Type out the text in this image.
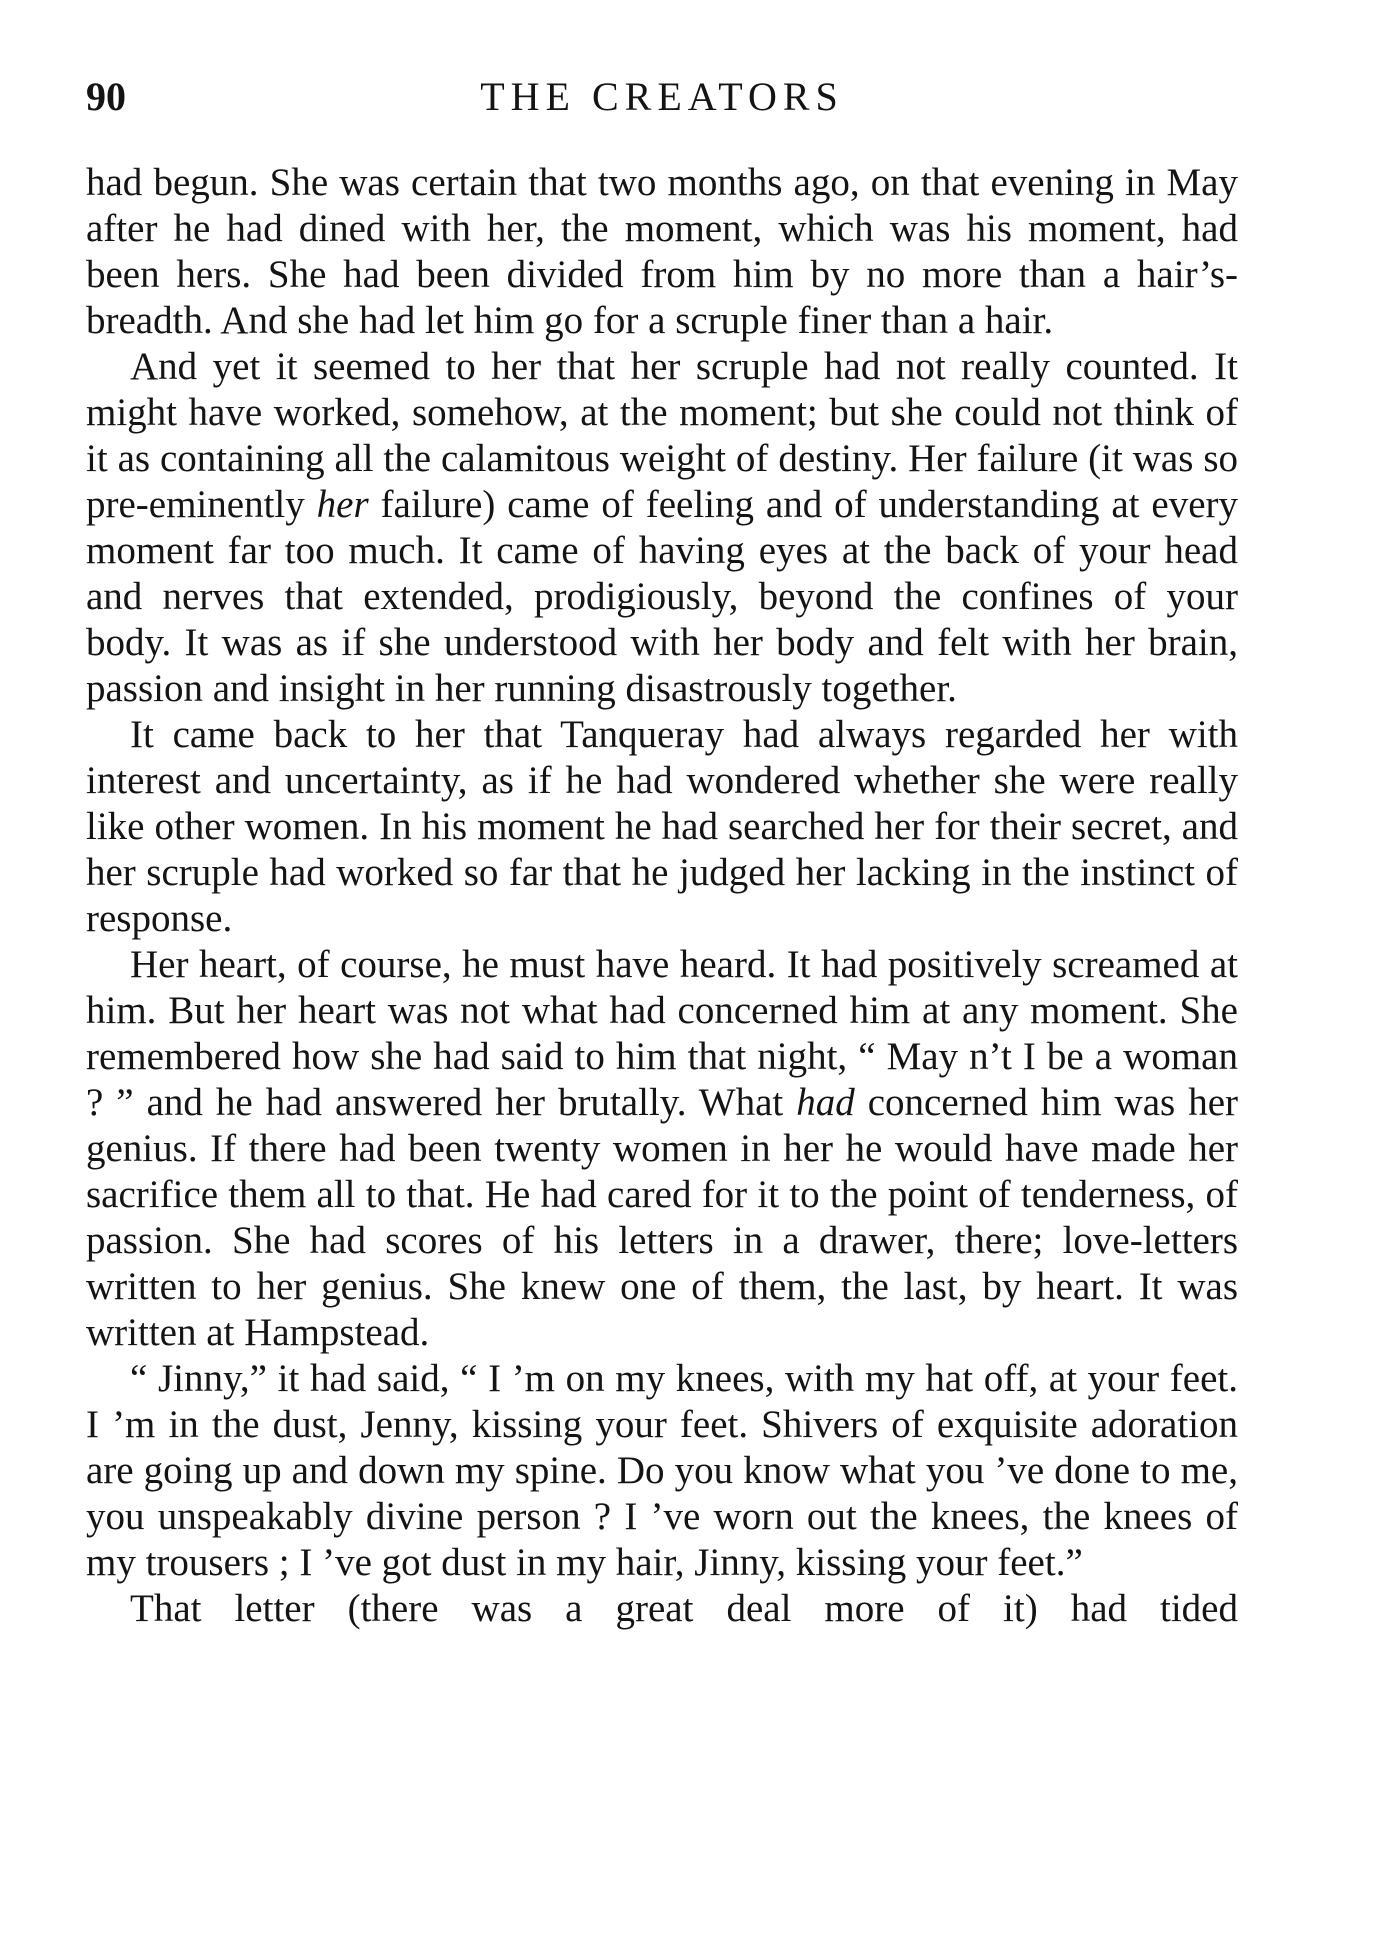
90	THE CREATORS

had begun. She was certain that two months ago, on that evening in May after he had dined with her, the moment, which was his moment, had been hers. She had been divided from him by no more than a hair’s-breadth. And she had let him go for a scruple finer than a hair.

And yet it seemed to her that her scruple had not really counted. It might have worked, somehow, at the moment; but she could not think of it as containing all the calamitous weight of destiny. Her failure (it was so pre-eminently her failure) came of feeling and of understanding at every moment far too much. It came of having eyes at the back of your head and nerves that extended, prodigiously, beyond the confines of your body. It was as if she understood with her body and felt with her brain, passion and insight in her running disastrously together.

It came back to her that Tanqueray had always regarded her with interest and uncertainty, as if he had wondered whether she were really like other women. In his moment he had searched her for their secret, and her scruple had worked so far that he judged her lacking in the instinct of response.

Her heart, of course, he must have heard. It had positively screamed at him. But her heart was not what had concerned him at any moment. She remembered how she had said to him that night, “ May n’t I be a woman ? ” and he had answered her brutally. What had concerned him was her genius. If there had been twenty women in her he would have made her sacrifice them all to that. He had cared for it to the point of tenderness, of passion. She had scores of his letters in a drawer, there; love-letters written to her genius. She knew one of them, the last, by heart. It was written at Hampstead.

“ Jinny,” it had said, “ I ’m on my knees, with my hat off, at your feet. I ’m in the dust, Jenny, kissing your feet. Shivers of exquisite adoration are going up and down my spine. Do you know what you ’ve done to me, you unspeakably divine person ? I ’ve worn out the knees, the knees of my trousers ; I ’ve got dust in my hair, Jinny, kissing your feet.”

That letter (there was a great deal more of it) had tided
